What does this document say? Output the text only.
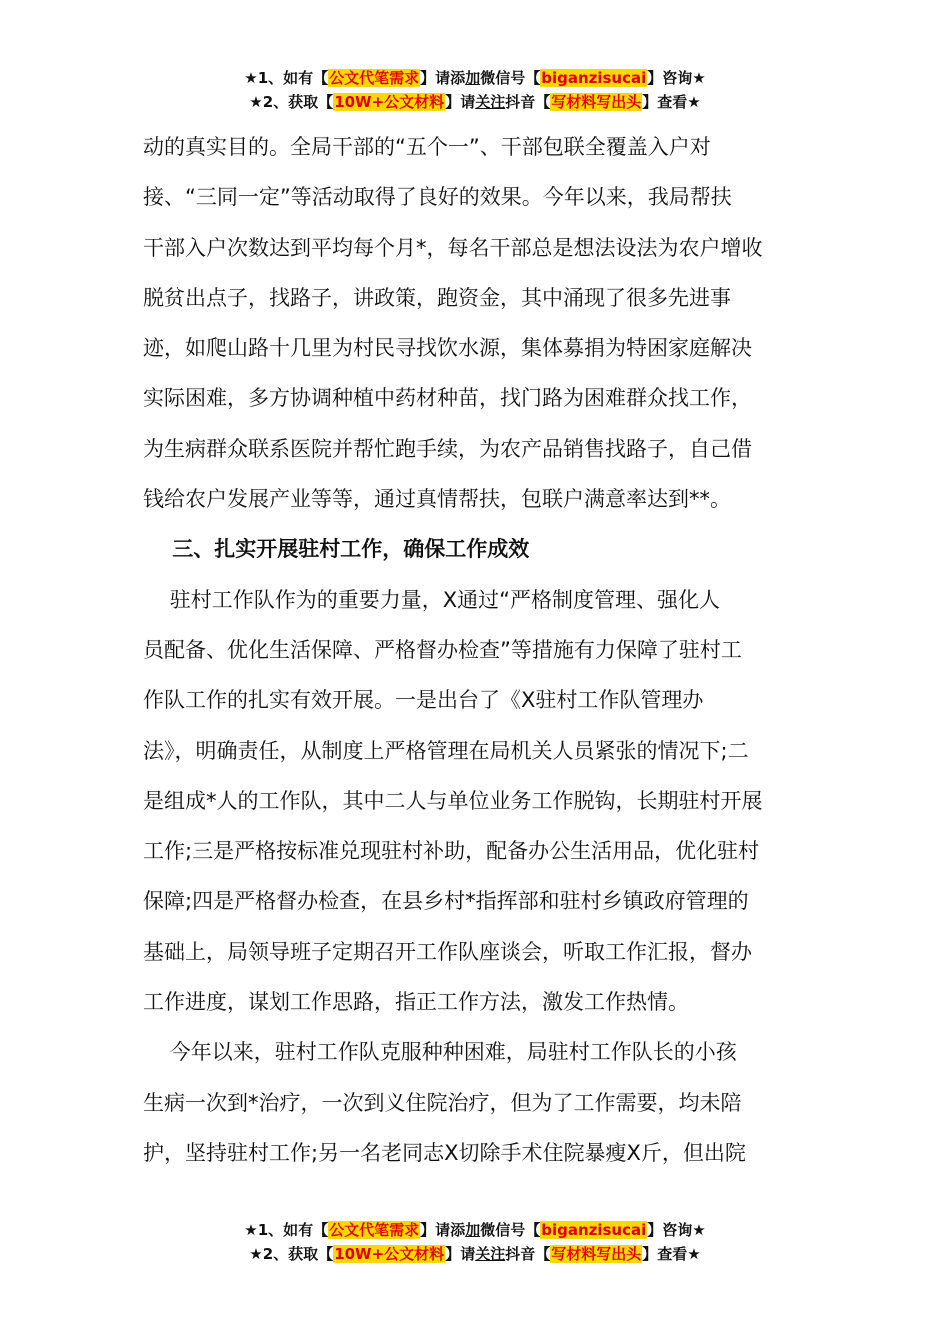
★1、如有【公文代笔需求】请添加微信号【biganzisucai】咨询★
★2、获取【10W+公文材料】请关注抖音【写材料写出头】查看★
动的真实目的。全局干部的“五个一”、干部包联全覆盖入户对
接、“三同一定”等活动取得了良好的效果。今年以来，我局帮扶
干部入户次数达到平均每个月*，每名干部总是想法设法为农户增收
脱贫出点子，找路子，讲政策，跑资金，其中涌现了很多先进事
迹，如爬山路十几里为村民寻找饮水源，集体募捐为特困家庭解决
实际困难，多方协调种植中药材种苗，找门路为困难群众找工作，
为生病群众联系医院并帮忙跑手续，为农产品销售找路子，自己借
钱给农户发展产业等等，通过真情帮扶，包联户满意率达到**。
三、扎实开展驻村工作，确保工作成效
驻村工作队作为的重要力量，X通过“严格制度管理、强化人
员配备、优化生活保障、严格督办检查”等措施有力保障了驻村工
作队工作的扎实有效开展。一是出台了《X驻村工作队管理办
法》，明确责任，从制度上严格管理在局机关人员紧张的情况下;二
是组成*人的工作队，其中二人与单位业务工作脱钩，长期驻村开展
工作;三是严格按标准兑现驻村补助，配备办公生活用品，优化驻村
保障;四是严格督办检查，在县乡村*指挥部和驻村乡镇政府管理的
基础上，局领导班子定期召开工作队座谈会，听取工作汇报，督办
工作进度，谋划工作思路，指正工作方法，激发工作热情。
今年以来，驻村工作队克服种种困难，局驻村工作队长的小孩
生病一次到*治疗，一次到义住院治疗，但为了工作需要，均未陪
护，坚持驻村工作;另一名老同志X切除手术住院暴瘦X斤，但出院
★1、如有【公文代笔需求】请添加微信号【biganzisucai】咨询★
★2、获取【10W+公文材料】请关注抖音【写材料写出头】查看★
